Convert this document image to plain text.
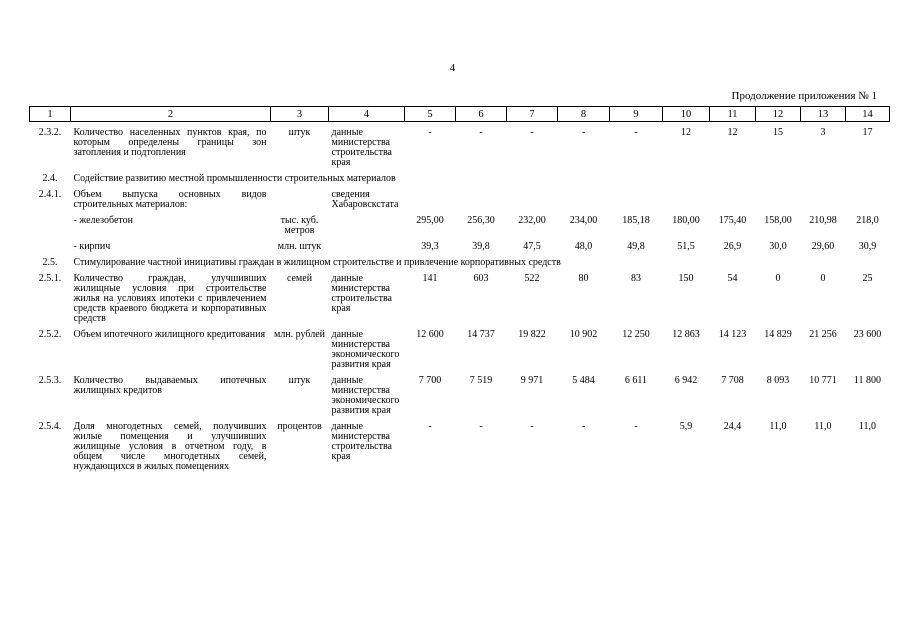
4
Продолжение приложения № 1
1	2	3	4	5	6	7	8	9	10	11	12	13	14
2.3.2.	Количество населенных пунктов края, по которым определены границы зон затопления и подтопления	штук	данные министерства строительства края	-	-	-	-	-	12	12	15	3	17
2.4.	Содействие развитию местной промышленности строительных материалов												
2.4.1.	Объем выпуска основных видов строительных материалов:		сведения Хабаровскстата										
	- железобетон	тыс. куб. метров		295,00	256,30	232,00	234,00	185,18	180,00	175,40	158,00	210,98	218,0
	- кирпич	млн. штук		39,3	39,8	47,5	48,0	49,8	51,5	26,9	30,0	29,60	30,9
2.5.	Стимулирование частной инициативы граждан в жилищном строительстве и привлечение корпоративных средств												
2.5.1.	Количество граждан, улучшивших жилищные условия при строительстве жилья на условиях ипотеки с привлечением средств краевого бюджета и корпоративных средств	семей	данные министерства строительства края	141	603	522	80	83	150	54	0	0	25
2.5.2.	Объем ипотечного жилищного кредитования	млн. рублей	данные министерства экономического развития края	12 600	14 737	19 822	10 902	12 250	12 863	14 123	14 829	21 256	23 600
2.5.3.	Количество выдаваемых ипотечных жилищных кредитов	штук	данные министерства экономического развития края	7 700	7 519	9 971	5 484	6 611	6 942	7 708	8 093	10 771	11 800
2.5.4.	Доля многодетных семей, получивших жилые помещения и улучшивших жилищные условия в отчетном году, в общем числе многодетных семей, нуждающихся в жилых помещениях	процентов	данные министерства строительства края	-	-	-	-	-	5,9	24,4	11,0	11,0	11,0
